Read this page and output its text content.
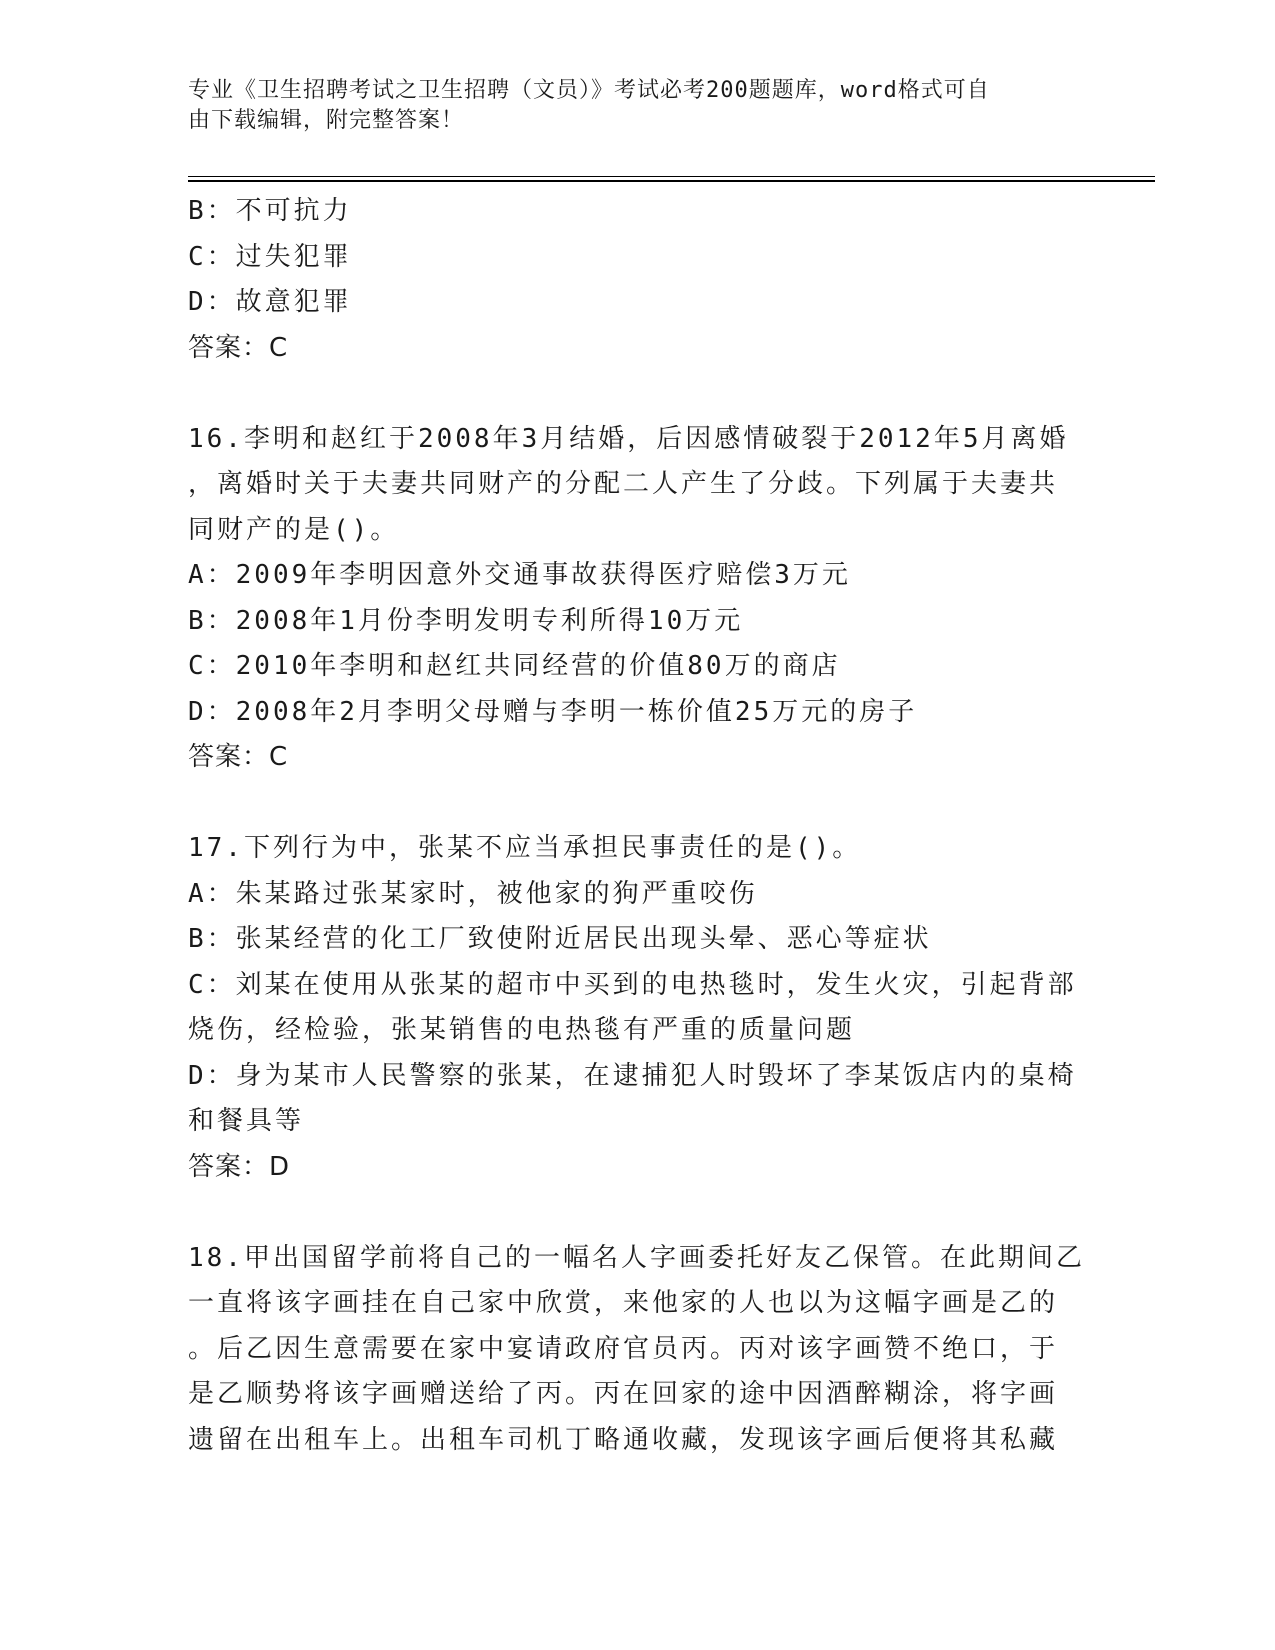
专业《卫生招聘考试之卫生招聘（文员）》考试必考200题题库，word格式可自
由下载编辑，附完整答案！
B：不可抗力
C：过失犯罪
D：故意犯罪
答案：C
16.李明和赵红于2008年3月结婚，后因感情破裂于2012年5月离婚
，离婚时关于夫妻共同财产的分配二人产生了分歧。下列属于夫妻共
同财产的是()。
A：2009年李明因意外交通事故获得医疗赔偿3万元
B：2008年1月份李明发明专利所得10万元
C：2010年李明和赵红共同经营的价值80万的商店
D：2008年2月李明父母赠与李明一栋价值25万元的房子
答案：C
17.下列行为中，张某不应当承担民事责任的是()。
A：朱某路过张某家时，被他家的狗严重咬伤
B：张某经营的化工厂致使附近居民出现头晕、恶心等症状
C：刘某在使用从张某的超市中买到的电热毯时，发生火灾，引起背部
烧伤，经检验，张某销售的电热毯有严重的质量问题
D：身为某市人民警察的张某，在逮捕犯人时毁坏了李某饭店内的桌椅
和餐具等
答案：D
18.甲出国留学前将自己的一幅名人字画委托好友乙保管。在此期间乙
一直将该字画挂在自己家中欣赏，来他家的人也以为这幅字画是乙的
。后乙因生意需要在家中宴请政府官员丙。丙对该字画赞不绝口，于
是乙顺势将该字画赠送给了丙。丙在回家的途中因酒醉糊涂，将字画
遗留在出租车上。出租车司机丁略通收藏，发现该字画后便将其私藏
